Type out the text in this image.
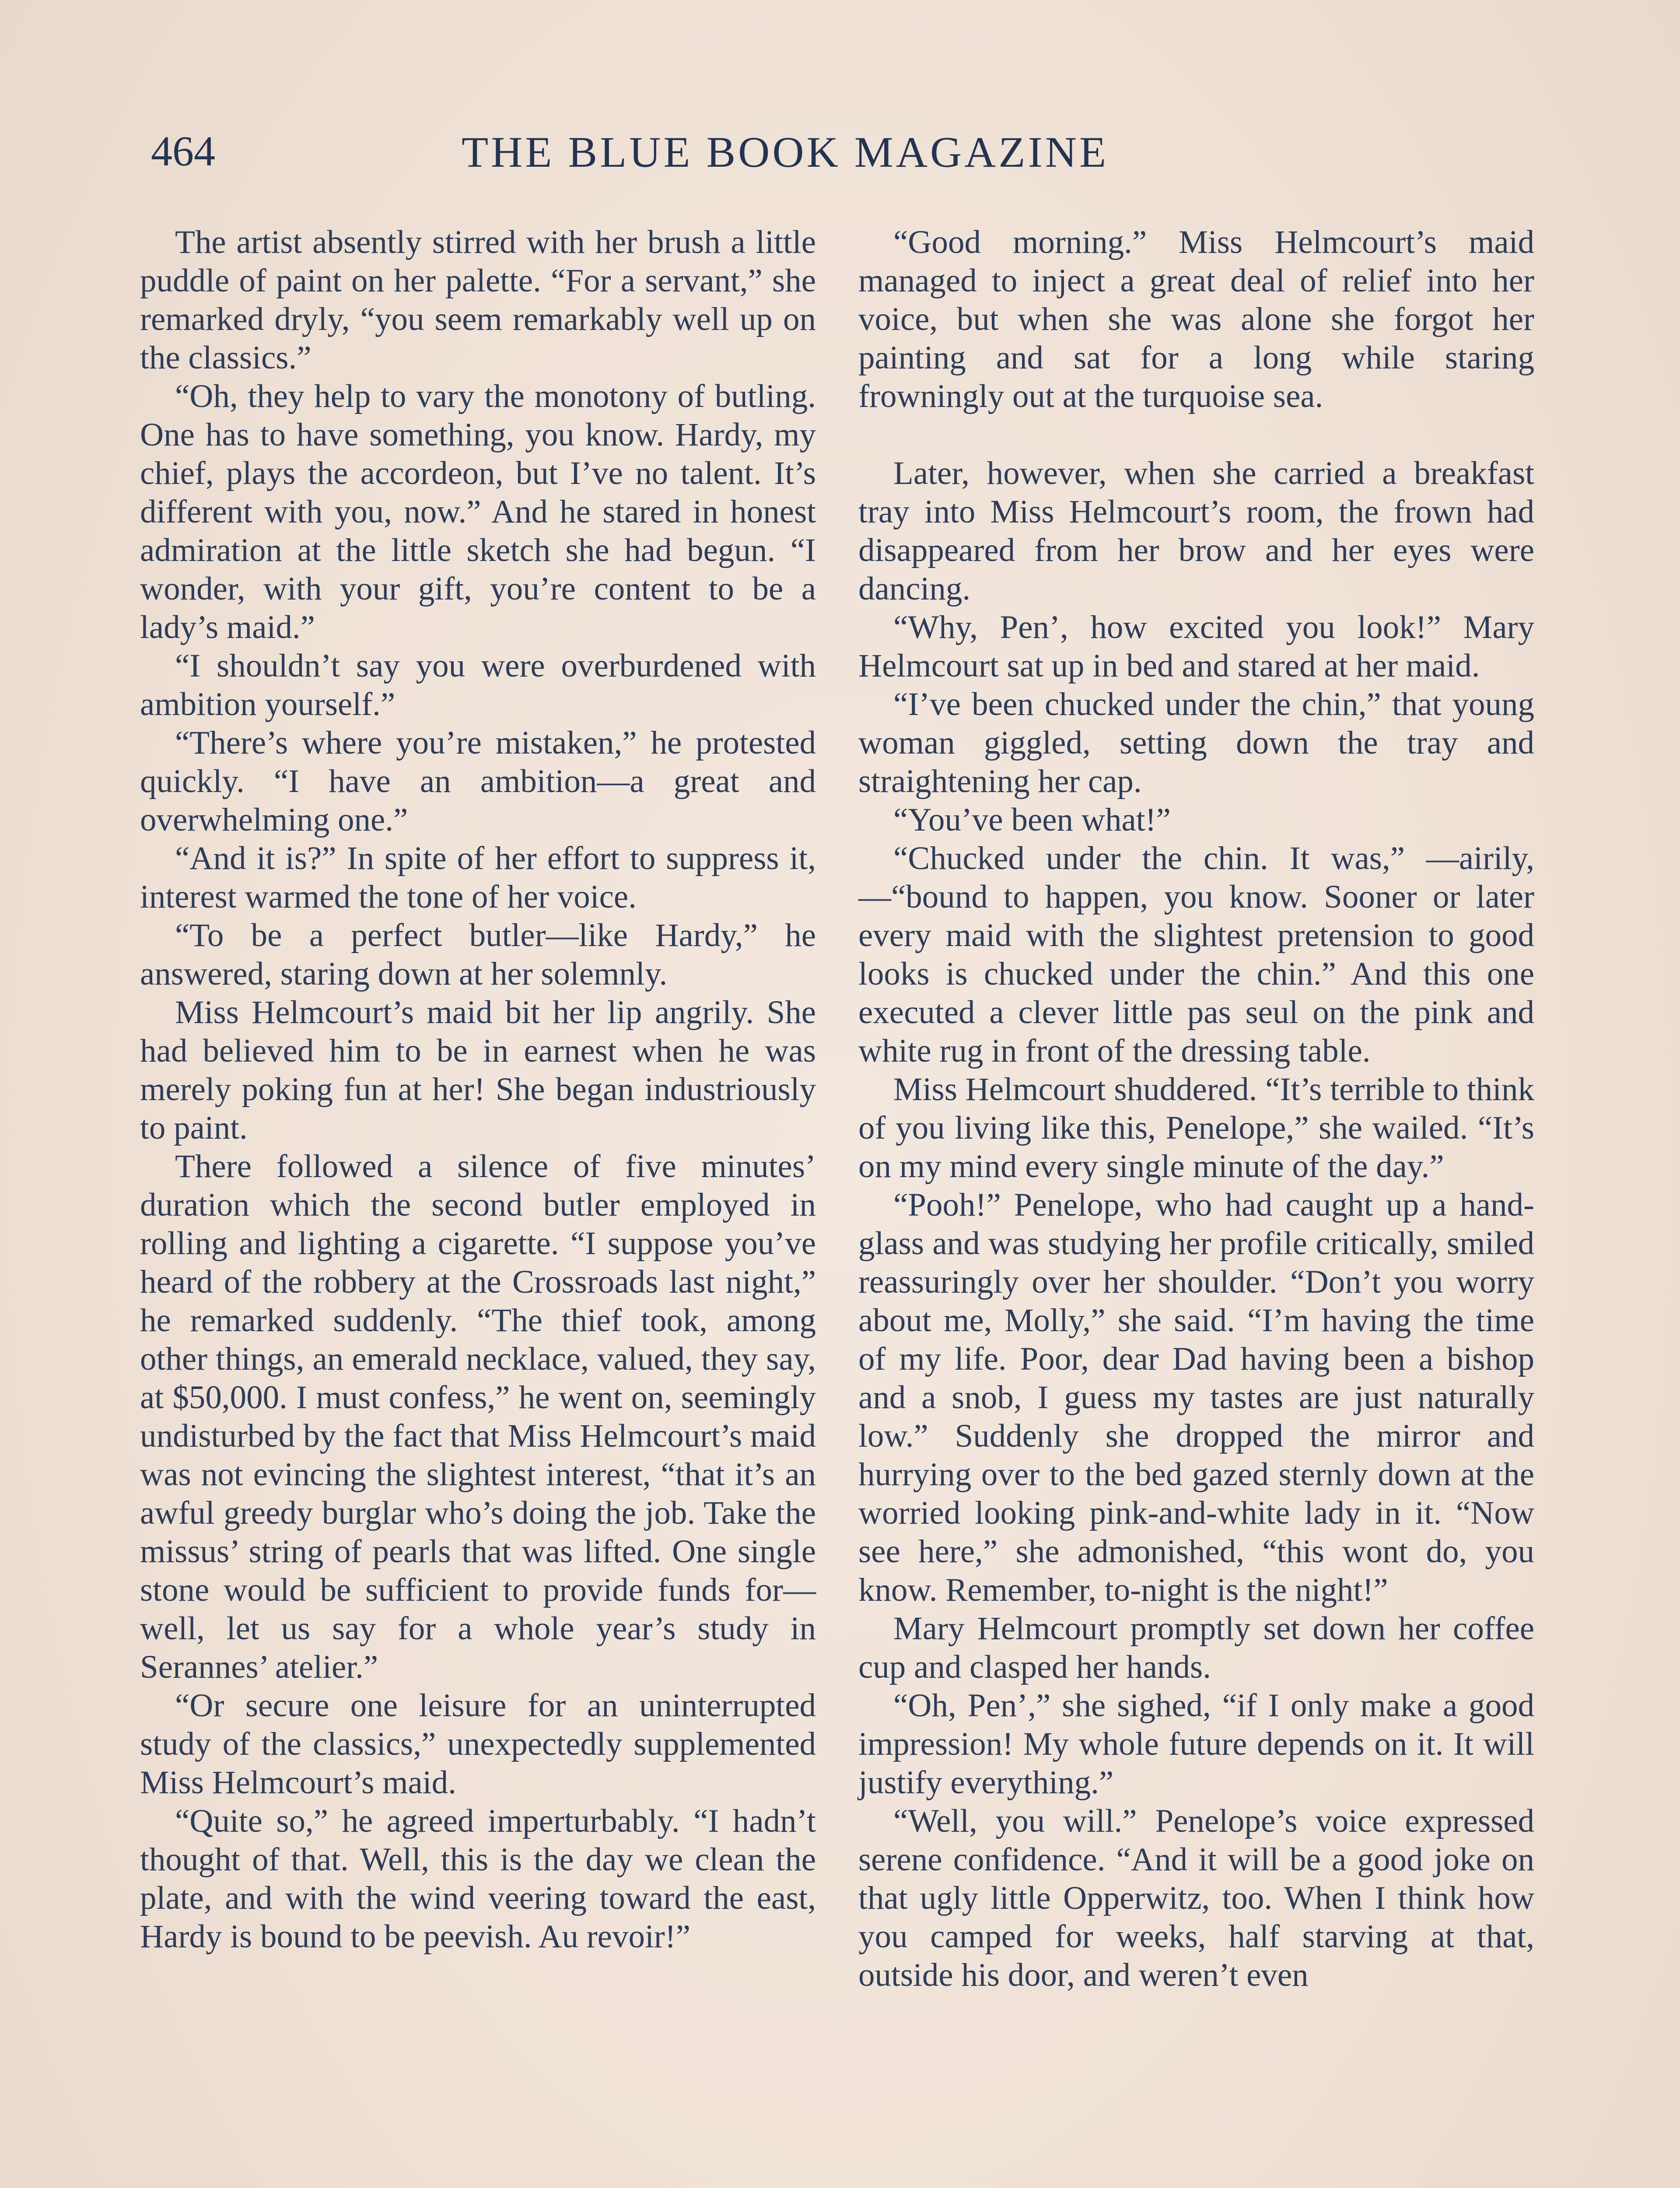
464	THE BLUE BOOK MAGAZINE

The artist absently stirred with her brush a little puddle of paint on her palette. “For a servant,” she remarked dryly, “you seem remarkably well up on the classics.”

“Oh, they help to vary the monotony of butling. One has to have something, you know. Hardy, my chief, plays the accordeon, but I’ve no talent. It’s different with you, now.” And he stared in honest admiration at the little sketch she had begun. “I wonder, with your gift, you’re content to be a lady’s maid.”

“I shouldn’t say you were overburdened with ambition yourself.”

“There’s where you’re mistaken,” he protested quickly. “I have an ambition—a great and overwhelming one.”

“And it is?” In spite of her effort to suppress it, interest warmed the tone of her voice.

“To be a perfect butler—like Hardy,” he answered, staring down at her solemnly.

Miss Helmcourt’s maid bit her lip angrily. She had believed him to be in earnest when he was merely poking fun at her! She began industriously to paint.

There followed a silence of five minutes’ duration which the second butler employed in rolling and lighting a cigarette. “I suppose you’ve heard of the robbery at the Crossroads last night,” he remarked suddenly. “The thief took, among other things, an emerald necklace, valued, they say, at $50,000. I must confess,” he went on, seemingly undisturbed by the fact that Miss Helmcourt’s maid was not evincing the slightest interest, “that it’s an awful greedy burglar who’s doing the job. Take the missus’ string of pearls that was lifted. One single stone would be sufficient to provide funds for—well, let us say for a whole year’s study in Serannes’ atelier.”

“Or secure one leisure for an uninterrupted study of the classics,” unexpectedly supplemented Miss Helmcourt’s maid.

“Quite so,” he agreed imperturbably. “I hadn’t thought of that. Well, this is the day we clean the plate, and with the wind veering toward the east, Hardy is bound to be peevish. Au revoir!”

“Good morning.” Miss Helmcourt’s maid managed to inject a great deal of relief into her voice, but when she was alone she forgot her painting and sat for a long while staring frowningly out at the turquoise sea.

Later, however, when she carried a breakfast tray into Miss Helmcourt’s room, the frown had disappeared from her brow and her eyes were dancing.

“Why, Pen’, how excited you look!” Mary Helmcourt sat up in bed and stared at her maid.

“I’ve been chucked under the chin,” that young woman giggled, setting down the tray and straightening her cap.

“You’ve been what!”

“Chucked under the chin. It was,” —airily,—“bound to happen, you know. Sooner or later every maid with the slightest pretension to good looks is chucked under the chin.” And this one executed a clever little pas seul on the pink and white rug in front of the dressing table.

Miss Helmcourt shuddered. “It’s terrible to think of you living like this, Penelope,” she wailed. “It’s on my mind every single minute of the day.”

“Pooh!” Penelope, who had caught up a hand-glass and was studying her profile critically, smiled reassuringly over her shoulder. “Don’t you worry about me, Molly,” she said. “I’m having the time of my life. Poor, dear Dad having been a bishop and a snob, I guess my tastes are just naturally low.” Suddenly she dropped the mirror and hurrying over to the bed gazed sternly down at the worried looking pink-and-white lady in it. “Now see here,” she admonished, “this wont do, you know. Remember, to-night is the night!”

Mary Helmcourt promptly set down her coffee cup and clasped her hands.

“Oh, Pen’,” she sighed, “if I only make a good impression! My whole future depends on it. It will justify everything.”

“Well, you will.” Penelope’s voice expressed serene confidence. “And it will be a good joke on that ugly little Opperwitz, too. When I think how you camped for weeks, half starving at that, outside his door, and weren’t even
